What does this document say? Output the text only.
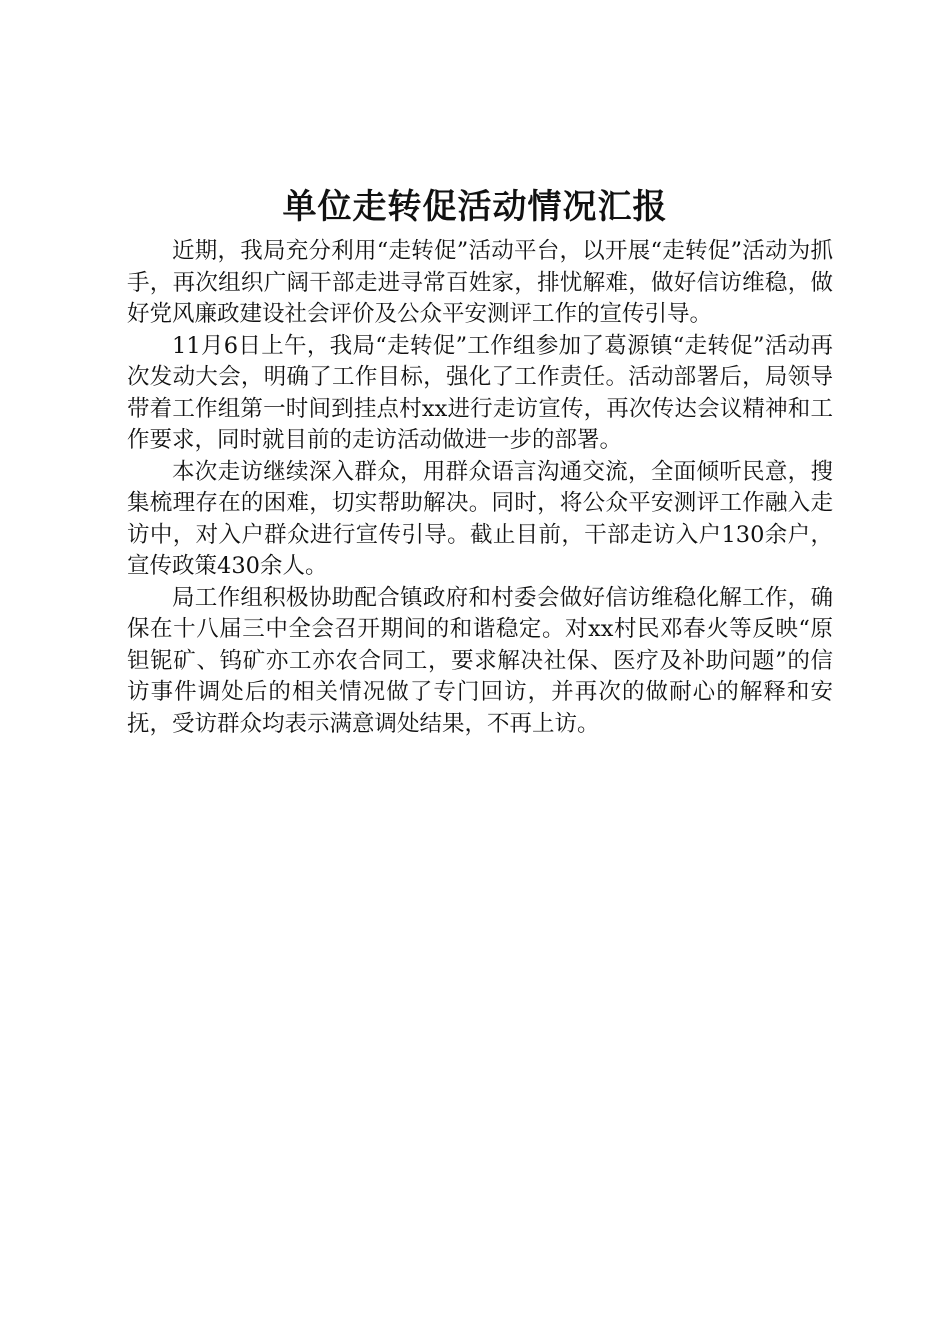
单位走转促活动情况汇报

近期，我局充分利用“走转促”活动平台，以开展“走转促”活动为抓手，再次组织广阔干部走进寻常百姓家，排忧解难，做好信访维稳，做好党风廉政建设社会评价及公众平安测评工作的宣传引导。

11月6日上午，我局“走转促”工作组参加了葛源镇“走转促”活动再次发动大会，明确了工作目标，强化了工作责任。活动部署后，局领导带着工作组第一时间到挂点村xx进行走访宣传，再次传达会议精神和工作要求，同时就目前的走访活动做进一步的部署。

本次走访继续深入群众，用群众语言沟通交流，全面倾听民意，搜集梳理存在的困难，切实帮助解决。同时，将公众平安测评工作融入走访中，对入户群众进行宣传引导。截止目前，干部走访入户130余户，宣传政策430余人。

局工作组积极协助配合镇政府和村委会做好信访维稳化解工作，确保在十八届三中全会召开期间的和谐稳定。对xx村民邓春火等反映“原钽铌矿、钨矿亦工亦农合同工，要求解决社保、医疗及补助问题”的信访事件调处后的相关情况做了专门回访，并再次的做耐心的解释和安抚，受访群众均表示满意调处结果，不再上访。
